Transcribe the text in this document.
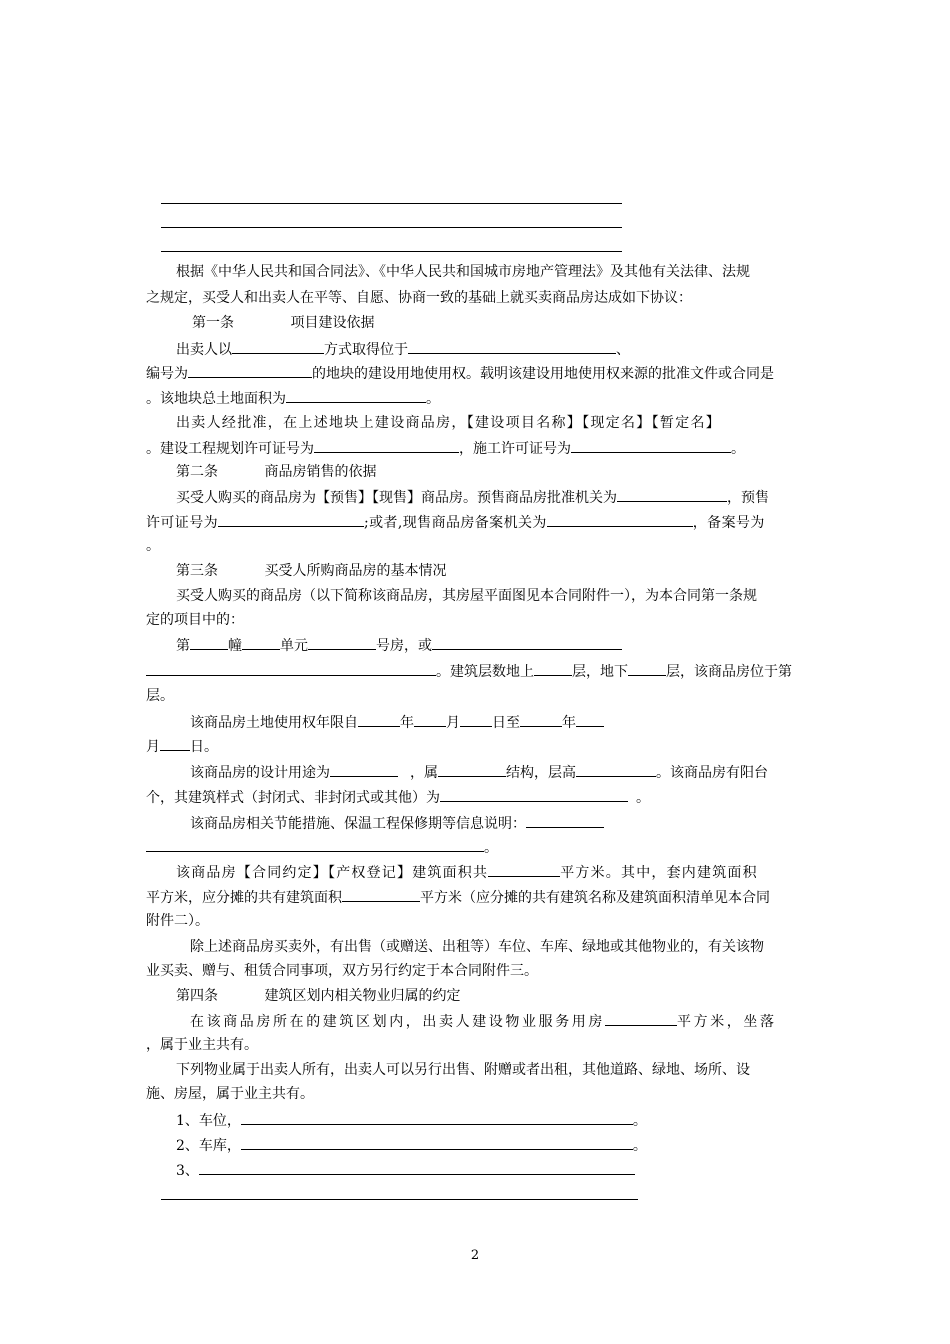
根据《中华人民共和国合同法》、《中华人民共和国城市房地产管理法》及其他有关法律、法规
之规定，买受人和出卖人在平等、自愿、协商一致的基础上就买卖商品房达成如下协议：
第一条	项目建设依据
出卖人以	方式取得位于	、
编号为	的地块的建设用地使用权。载明该建设用地使用权来源的批准文件或合同是
。该地块总土地面积为	。
出卖人经批准，在上述地块上建设商品房，【建设项目名称】【现定名】【暂定名】
。建设工程规划许可证号为	，施工许可证号为	。
第二条	商品房销售的依据
买受人购买的商品房为【预售】【现售】商品房。预售商品房批准机关为	，预售
许可证号为	;或者,现售商品房备案机关为	，备案号为
。
第三条	买受人所购商品房的基本情况
买受人购买的商品房（以下简称该商品房，其房屋平面图见本合同附件一），为本合同第一条规
定的项目中的：
第	幢	单元	号房，或
。建筑层数地上	层，地下	层，该商品房位于第
层。
该商品房土地使用权年限自	年 月 日至	年
月 日。
该商品房的设计用途为	，属	结构，层高	。该商品房有阳台
个，其建筑样式（封闭式、非封闭式或其他）为	。
该商品房相关节能措施、保温工程保修期等信息说明：
。
该商品房【合同约定】【产权登记】建筑面积共	平方米。其中，套内建筑面积
平方米，应分摊的共有建筑面积	平方米（应分摊的共有建筑名称及建筑面积清单见本合同
附件二）。
除上述商品房买卖外，有出售（或赠送、出租等）车位、车库、绿地或其他物业的，有关该物
业买卖、赠与、租赁合同事项，双方另行约定于本合同附件三。
第四条	建筑区划内相关物业归属的约定
在该商品房所在的建筑区划内，出卖人建设物业服务用房	平方米，坐落
，属于业主共有。
下列物业属于出卖人所有，出卖人可以另行出售、附赠或者出租，其他道路、绿地、场所、设
施、房屋，属于业主共有。
1、车位，	。
2、车库，	。
3、
2
